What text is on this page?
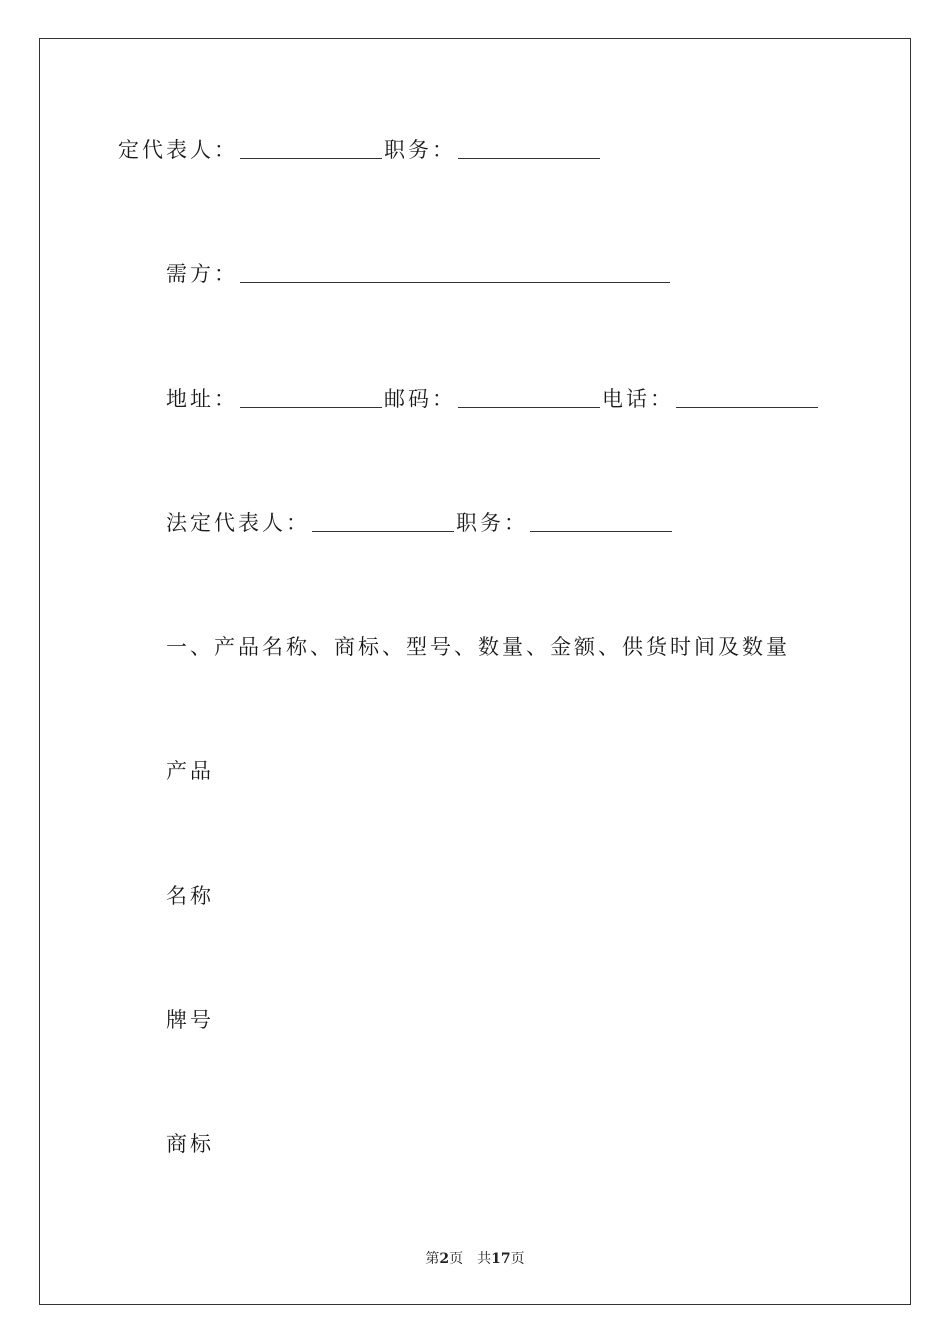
定代表人：	职务：
需方：
地址：	邮码：	电话：
法定代表人：	职务：
一、产品名称、商标、型号、数量、金额、供货时间及数量
产品
名称
牌号
商标
第2页 共17页
